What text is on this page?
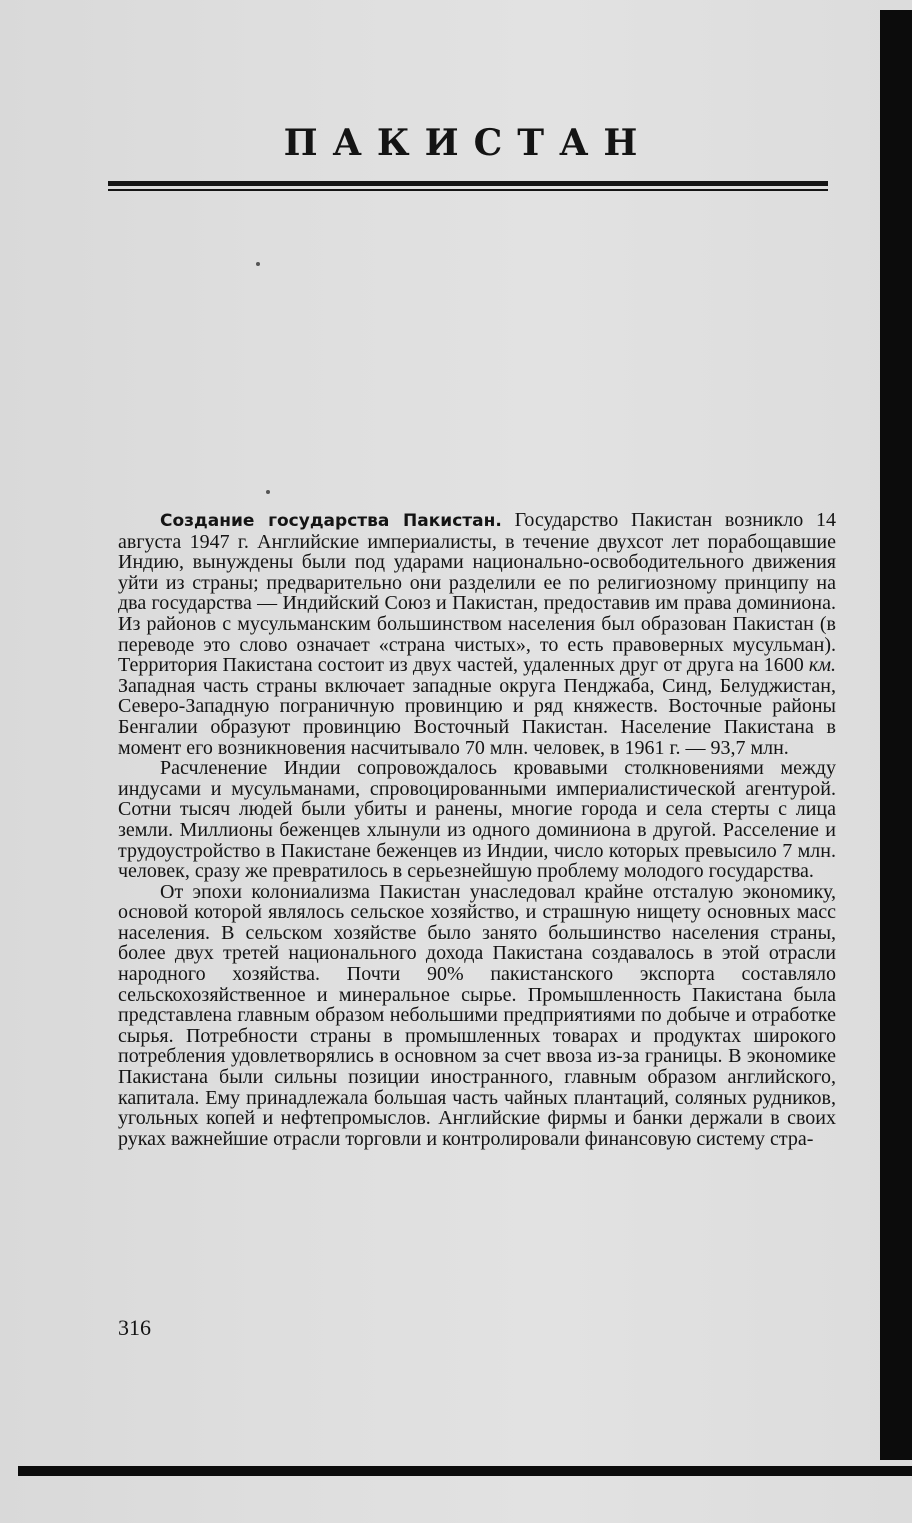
ПАКИСТАН

Создание государства Пакистан. Государство Пакистан возникло 14 августа 1947 г. Английские империалисты, в течение двухсот лет порабощавшие Индию, вынуждены были под ударами национально-освободительного движения уйти из страны; предварительно они разделили ее по религиозному принципу на два государства — Индийский Союз и Пакистан, предоставив им права доминиона. Из районов с мусульманским большинством населения был образован Пакистан (в переводе это слово означает «страна чистых», то есть правоверных мусульман). Территория Пакистана состоит из двух частей, удаленных друг от друга на 1600 км. Западная часть страны включает западные округа Пенджаба, Синд, Белуджистан, Северо-Западную пограничную провинцию и ряд княжеств. Восточные районы Бенгалии образуют провинцию Восточный Пакистан. Население Пакистана в момент его возникновения насчитывало 70 млн. человек, в 1961 г. — 93,7 млн.

Расчленение Индии сопровождалось кровавыми столкновениями между индусами и мусульманами, спровоцированными империалистической агентурой. Сотни тысяч людей были убиты и ранены, многие города и села стерты с лица земли. Миллионы беженцев хлынули из одного доминиона в другой. Расселение и трудоустройство в Пакистане беженцев из Индии, число которых превысило 7 млн. человек, сразу же превратилось в серьезнейшую проблему молодого государства.

От эпохи колониализма Пакистан унаследовал крайне отсталую экономику, основой которой являлось сельское хозяйство, и страшную нищету основных масс населения. В сельском хозяйстве было занято большинство населения страны, более двух третей национального дохода Пакистана создавалось в этой отрасли народного хозяйства. Почти 90% пакистанского экспорта составляло сельскохозяйственное и минеральное сырье. Промышленность Пакистана была представлена главным образом небольшими предприятиями по добыче и отработке сырья. Потребности страны в промышленных товарах и продуктах широкого потребления удовлетворялись в основном за счет ввоза из-за границы. В экономике Пакистана были сильны позиции иностранного, главным образом английского, капитала. Ему принадлежала большая часть чайных плантаций, соляных рудников, угольных копей и нефтепромыслов. Английские фирмы и банки держали в своих руках важнейшие отрасли торговли и контролировали финансовую систему стра-

316
